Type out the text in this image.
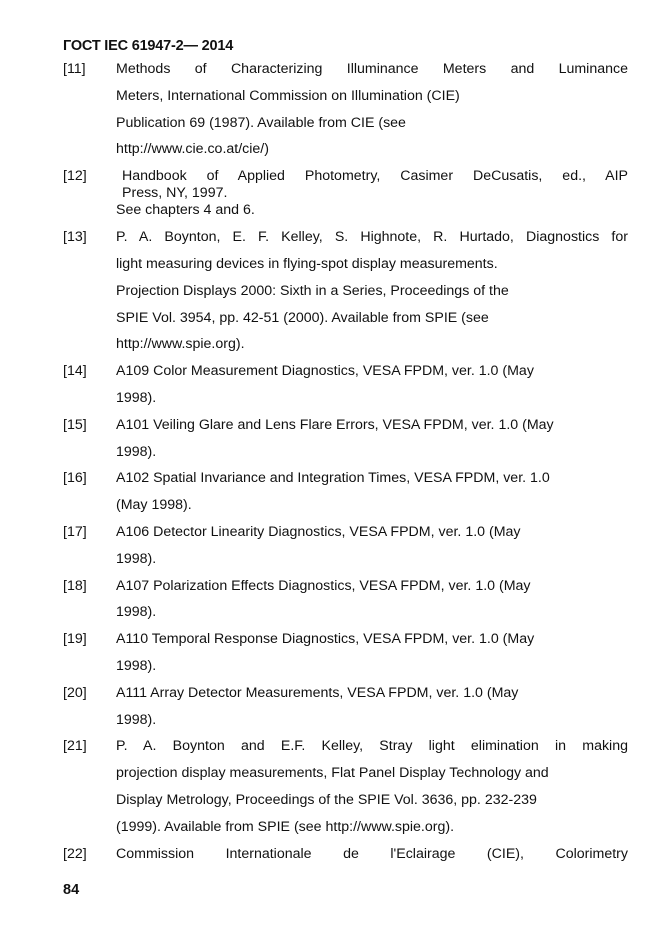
ГОСТ IEC 61947-2— 2014
[11]	Methods of Characterizing Illuminance Meters and Luminance
Meters, International Commission on Illumination (CIE)
Publication 69 (1987). Available from CIE (see
http://www.cie.co.at/cie/)
[12]	Handbook of Applied Photometry, Casimer DeCusatis, ed., AIP
Press, NY, 1997.
See chapters 4 and 6.
[13]	P. A. Boynton, E. F. Kelley, S. Highnote, R. Hurtado, Diagnostics for
light measuring devices in flying-spot display measurements.
Projection Displays 2000: Sixth in a Series, Proceedings of the
SPIE Vol. 3954, pp. 42-51 (2000). Available from SPIE (see
http://www.spie.org).
[14]	A109 Color Measurement Diagnostics, VESA FPDM, ver. 1.0 (May
1998).
[15]	A101 Veiling Glare and Lens Flare Errors, VESA FPDM, ver. 1.0 (May
1998).
[16]	A102 Spatial Invariance and Integration Times, VESA FPDM, ver. 1.0
(May 1998).
[17]	A106 Detector Linearity Diagnostics, VESA FPDM, ver. 1.0 (May
1998).
[18]	A107 Polarization Effects Diagnostics, VESA FPDM, ver. 1.0 (May
1998).
[19]	A110 Temporal Response Diagnostics, VESA FPDM, ver. 1.0 (May
1998).
[20]	A111 Array Detector Measurements, VESA FPDM, ver. 1.0 (May
1998).
[21]	P. A. Boynton and E.F. Kelley, Stray light elimination in making
projection display measurements, Flat Panel Display Technology and
Display Metrology, Proceedings of the SPIE Vol. 3636, pp. 232-239
(1999). Available from SPIE (see http://www.spie.org).
[22]	Commission Internationale de l'Eclairage (CIE), Colorimetry
84
